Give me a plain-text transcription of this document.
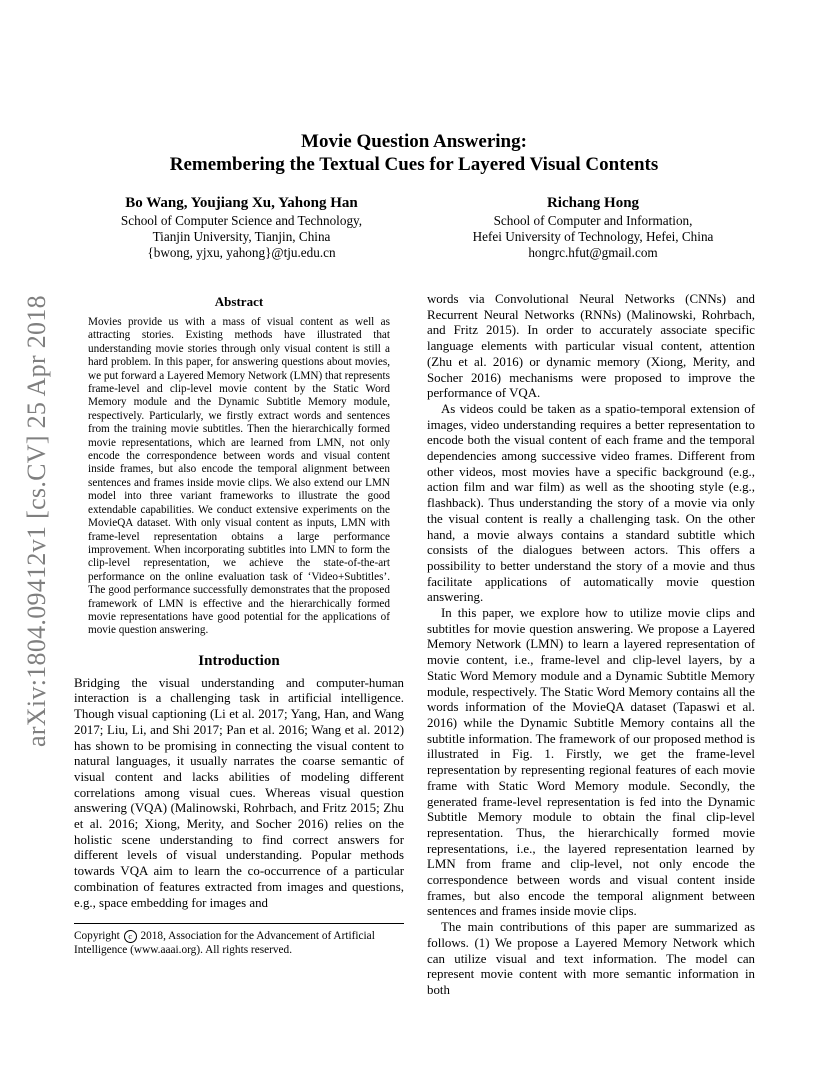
arXiv:1804.09412v1 [cs.CV] 25 Apr 2018
Movie Question Answering:
Remembering the Textual Cues for Layered Visual Contents
Bo Wang, Youjiang Xu, Yahong Han
School of Computer Science and Technology,
Tianjin University, Tianjin, China
{bwong, yjxu, yahong}@tju.edu.cn
Richang Hong
School of Computer and Information,
Hefei University of Technology, Hefei, China
hongrc.hfut@gmail.com
Abstract
Movies provide us with a mass of visual content as well as attracting stories. Existing methods have illustrated that understanding movie stories through only visual content is still a hard problem. In this paper, for answering questions about movies, we put forward a Layered Memory Network (LMN) that represents frame-level and clip-level movie content by the Static Word Memory module and the Dynamic Subtitle Memory module, respectively. Particularly, we firstly extract words and sentences from the training movie subtitles. Then the hierarchically formed movie representations, which are learned from LMN, not only encode the correspondence between words and visual content inside frames, but also encode the temporal alignment between sentences and frames inside movie clips. We also extend our LMN model into three variant frameworks to illustrate the good extendable capabilities. We conduct extensive experiments on the MovieQA dataset. With only visual content as inputs, LMN with frame-level representation obtains a large performance improvement. When incorporating subtitles into LMN to form the clip-level representation, we achieve the state-of-the-art performance on the online evaluation task of ‘Video+Subtitles’. The good performance successfully demonstrates that the proposed framework of LMN is effective and the hierarchically formed movie representations have good potential for the applications of movie question answering.
Introduction

Bridging the visual understanding and computer-human interaction is a challenging task in artificial intelligence. Though visual captioning (Li et al. 2017; Yang, Han, and Wang 2017; Liu, Li, and Shi 2017; Pan et al. 2016; Wang et al. 2012) has shown to be promising in connecting the visual content to natural languages, it usually narrates the coarse semantic of visual content and lacks abilities of modeling different correlations among visual cues. Whereas visual question answering (VQA) (Malinowski, Rohrbach, and Fritz 2015; Zhu et al. 2016; Xiong, Merity, and Socher 2016) relies on the holistic scene understanding to find correct answers for different levels of visual understanding. Popular methods towards VQA aim to learn the co-occurrence of a particular combination of features extracted from images and questions, e.g., space embedding for images and

words via Convolutional Neural Networks (CNNs) and Recurrent Neural Networks (RNNs) (Malinowski, Rohrbach, and Fritz 2015). In order to accurately associate specific language elements with particular visual content, attention (Zhu et al. 2016) or dynamic memory (Xiong, Merity, and Socher 2016) mechanisms were proposed to improve the performance of VQA.

As videos could be taken as a spatio-temporal extension of images, video understanding requires a better representation to encode both the visual content of each frame and the temporal dependencies among successive video frames. Different from other videos, most movies have a specific background (e.g., action film and war film) as well as the shooting style (e.g., flashback). Thus understanding the story of a movie via only the visual content is really a challenging task. On the other hand, a movie always contains a standard subtitle which consists of the dialogues between actors. This offers a possibility to better understand the story of a movie and thus facilitate applications of automatically movie question answering.

In this paper, we explore how to utilize movie clips and subtitles for movie question answering. We propose a Layered Memory Network (LMN) to learn a layered representation of movie content, i.e., frame-level and clip-level layers, by a Static Word Memory module and a Dynamic Subtitle Memory module, respectively. The Static Word Memory contains all the words information of the MovieQA dataset (Tapaswi et al. 2016) while the Dynamic Subtitle Memory contains all the subtitle information. The framework of our proposed method is illustrated in Fig. 1. Firstly, we get the frame-level representation by representing regional features of each movie frame with Static Word Memory module. Secondly, the generated frame-level representation is fed into the Dynamic Subtitle Memory module to obtain the final clip-level representation. Thus, the hierarchically formed movie representations, i.e., the layered representation learned by LMN from frame and clip-level, not only encode the correspondence between words and visual content inside frames, but also encode the temporal alignment between sentences and frames inside movie clips.

The main contributions of this paper are summarized as follows. (1) We propose a Layered Memory Network which can utilize visual and text information. The model can represent movie content with more semantic information in both

Copyright c 2018, Association for the Advancement of Artificial
Intelligence (www.aaai.org). All rights reserved.
